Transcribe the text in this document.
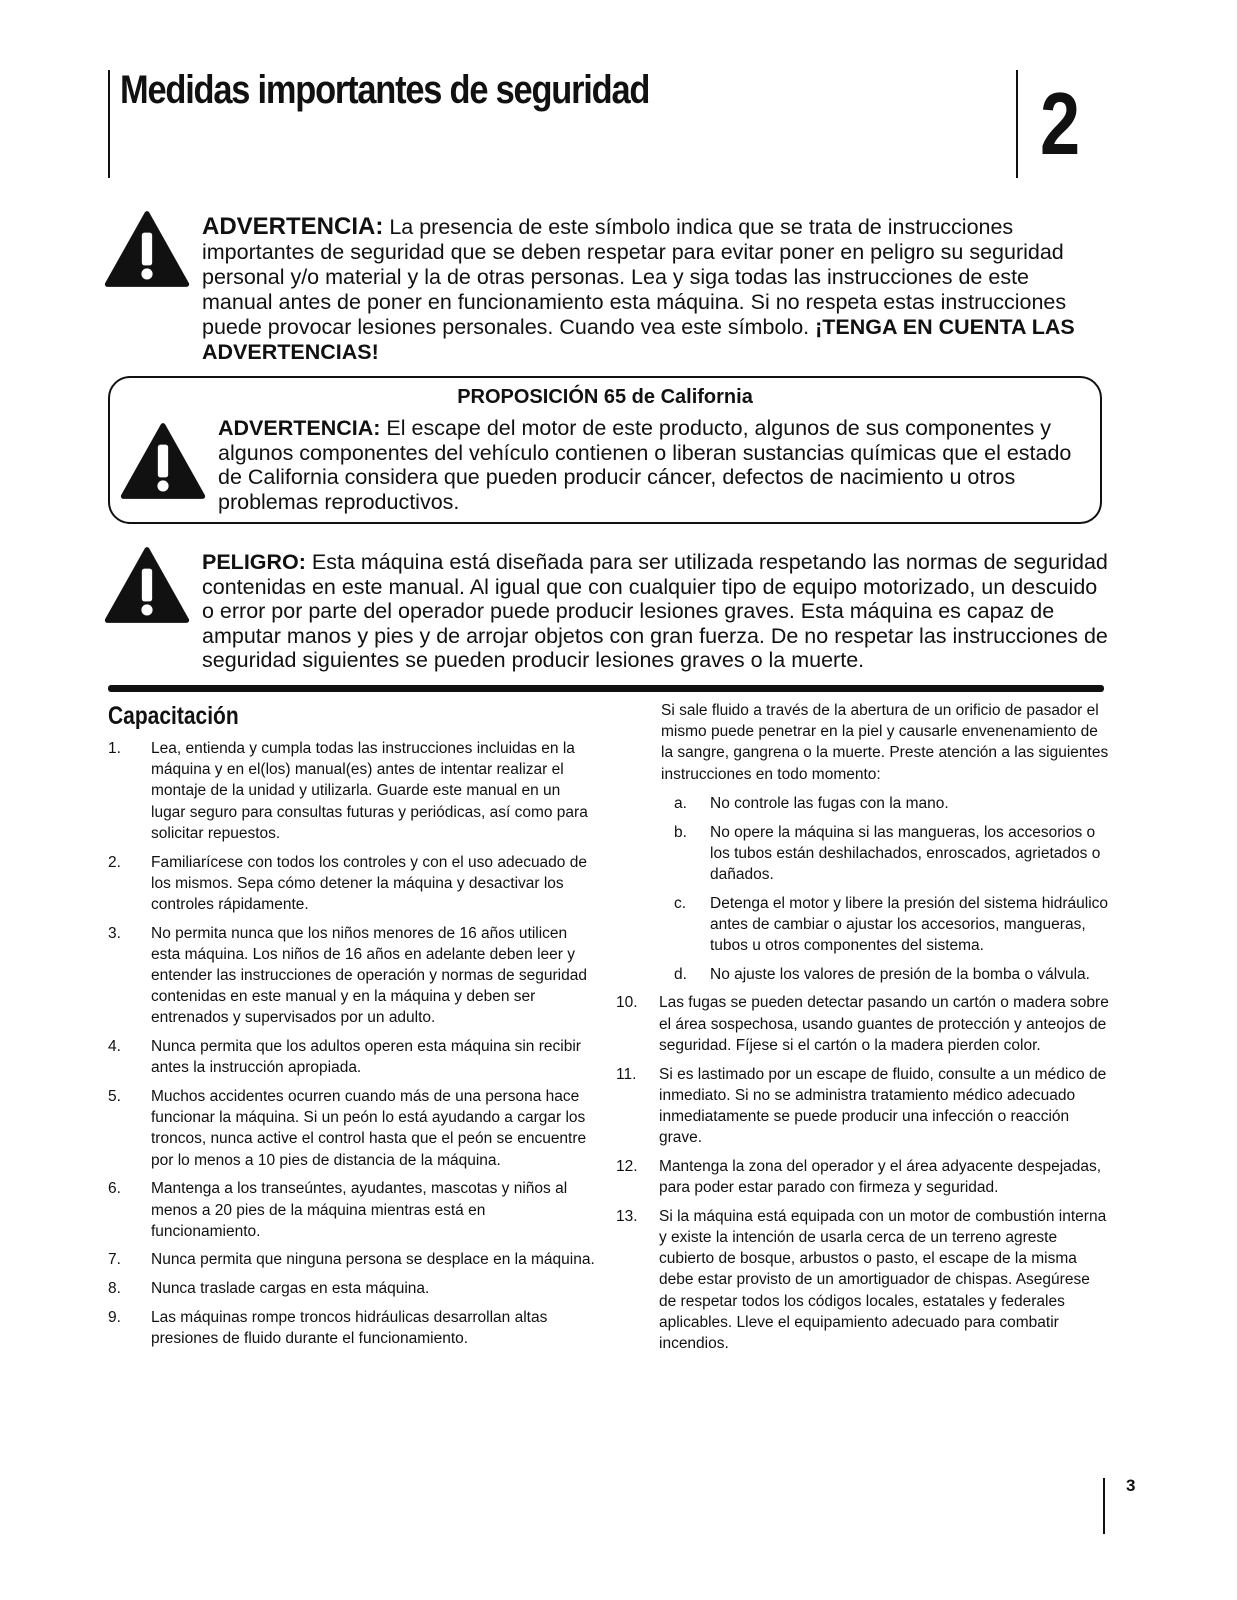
Medidas importantes de seguridad	2
ADVERTENCIA: La presencia de este símbolo indica que se trata de instrucciones importantes de seguridad que se deben respetar para evitar poner en peligro su seguridad personal y/o material y la de otras personas. Lea y siga todas las instrucciones de este manual antes de poner en funcionamiento esta máquina. Si no respeta estas instrucciones puede provocar lesiones personales. Cuando vea este símbolo. ¡TENGA EN CUENTA LAS ADVERTENCIAS!
PROPOSICIÓN 65 de California
ADVERTENCIA: El escape del motor de este producto, algunos de sus componentes y algunos componentes del vehículo contienen o liberan sustancias químicas que el estado de California considera que pueden producir cáncer, defectos de nacimiento u otros problemas reproductivos.
PELIGRO: Esta máquina está diseñada para ser utilizada respetando las normas de seguridad contenidas en este manual. Al igual que con cualquier tipo de equipo motorizado, un descuido o error por parte del operador puede producir lesiones graves. Esta máquina es capaz de amputar manos y pies y de arrojar objetos con gran fuerza. De no respetar las instrucciones de seguridad siguientes se pueden producir lesiones graves o la muerte.
Capacitación
1.	Lea, entienda y cumpla todas las instrucciones incluidas en la máquina y en el(los) manual(es) antes de intentar realizar el montaje de la unidad y utilizarla. Guarde este manual en un lugar seguro para consultas futuras y periódicas, así como para solicitar repuestos.
2.	Familiarícese con todos los controles y con el uso adecuado de los mismos. Sepa cómo detener la máquina y desactivar los controles rápidamente.
3.	No permita nunca que los niños menores de 16 años utilicen esta máquina. Los niños de 16 años en adelante deben leer y entender las instrucciones de operación y normas de seguridad contenidas en este manual y en la máquina y deben ser entrenados y supervisados por un adulto.
4.	Nunca permita que los adultos operen esta máquina sin recibir antes la instrucción apropiada.
5.	Muchos accidentes ocurren cuando más de una persona hace funcionar la máquina. Si un peón lo está ayudando a cargar los troncos, nunca active el control hasta que el peón se encuentre por lo menos a 10 pies de distancia de la máquina.
6.	Mantenga a los transeúntes, ayudantes, mascotas y niños al menos a 20 pies de la máquina mientras está en funcionamiento.
7.	Nunca permita que ninguna persona se desplace en la máquina.
8.	Nunca traslade cargas en esta máquina.
9.	Las máquinas rompe troncos hidráulicas desarrollan altas presiones de fluido durante el funcionamiento.
Si sale fluido a través de la abertura de un orificio de pasador el mismo puede penetrar en la piel y causarle envenenamiento de la sangre, gangrena o la muerte. Preste atención a las siguientes instrucciones en todo momento:
a.	No controle las fugas con la mano.
b.	No opere la máquina si las mangueras, los accesorios o los tubos están deshilachados, enroscados, agrietados o dañados.
c.	Detenga el motor y libere la presión del sistema hidráulico antes de cambiar o ajustar los accesorios, mangueras, tubos u otros componentes del sistema.
d.	No ajuste los valores de presión de la bomba o válvula.
10.	Las fugas se pueden detectar pasando un cartón o madera sobre el área sospechosa, usando guantes de protección y anteojos de seguridad. Fíjese si el cartón o la madera pierden color.
11.	Si es lastimado por un escape de fluido, consulte a un médico de inmediato. Si no se administra tratamiento médico adecuado inmediatamente se puede producir una infección o reacción grave.
12.	Mantenga la zona del operador y el área adyacente despejadas, para poder estar parado con firmeza y seguridad.
13.	Si la máquina está equipada con un motor de combustión interna y existe la intención de usarla cerca de un terreno agreste cubierto de bosque, arbustos o pasto, el escape de la misma debe estar provisto de un amortiguador de chispas. Asegúrese de respetar todos los códigos locales, estatales y federales aplicables. Lleve el equipamiento adecuado para combatir incendios.
3
